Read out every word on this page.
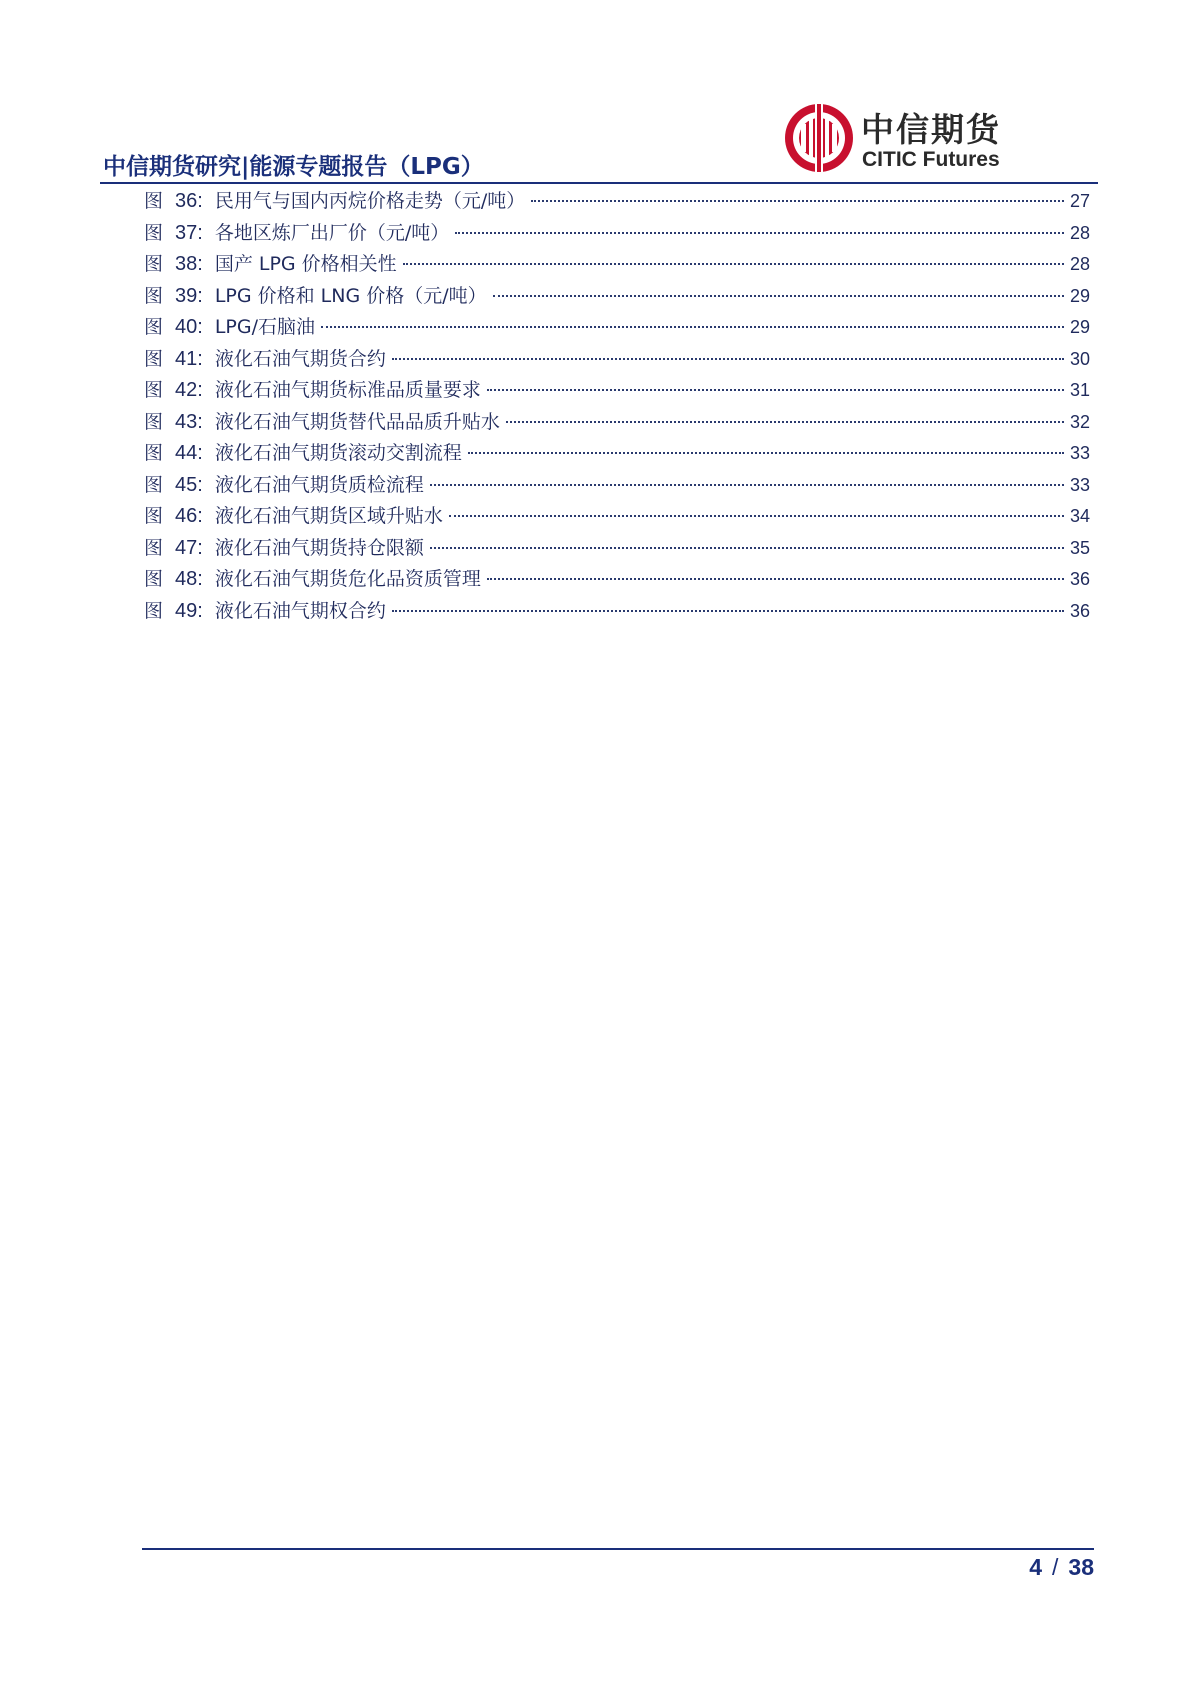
中信期货研究|能源专题报告（LPG）
中信期货
CITIC Futures
图 36: 民用气与国内丙烷价格走势（元/吨）	27
图 37: 各地区炼厂出厂价（元/吨）	28
图 38: 国产 LPG 价格相关性	28
图 39: LPG 价格和 LNG 价格（元/吨）	29
图 40: LPG/石脑油	29
图 41: 液化石油气期货合约	30
图 42: 液化石油气期货标准品质量要求	31
图 43: 液化石油气期货替代品品质升贴水	32
图 44: 液化石油气期货滚动交割流程	33
图 45: 液化石油气期货质检流程	33
图 46: 液化石油气期货区域升贴水	34
图 47: 液化石油气期货持仓限额	35
图 48: 液化石油气期货危化品资质管理	36
图 49: 液化石油气期权合约	36
4 / 38
